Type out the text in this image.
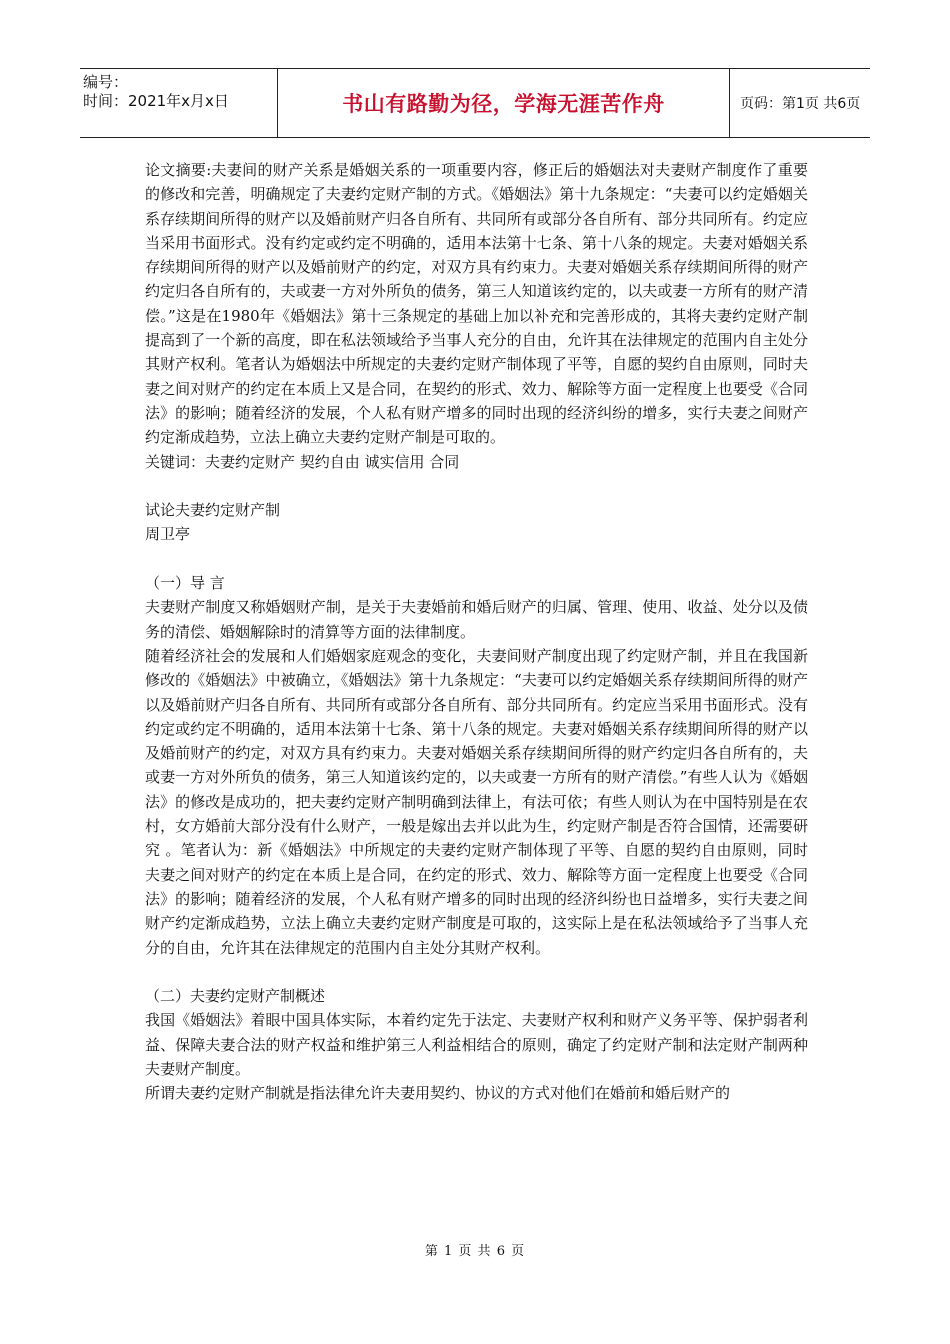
编号：
时间：2021年x月x日	书山有路勤为径，学海无涯苦作舟	页码：第1页 共6页

论文摘要:夫妻间的财产关系是婚姻关系的一项重要内容，修正后的婚姻法对夫妻财产制度作了重要的修改和完善，明确规定了夫妻约定财产制的方式。《婚姻法》第十九条规定：“夫妻可以约定婚姻关系存续期间所得的财产以及婚前财产归各自所有、共同所有或部分各自所有、部分共同所有。约定应当采用书面形式。没有约定或约定不明确的，适用本法第十七条、第十八条的规定。夫妻对婚姻关系存续期间所得的财产以及婚前财产的约定，对双方具有约束力。夫妻对婚姻关系存续期间所得的财产约定归各自所有的，夫或妻一方对外所负的债务，第三人知道该约定的，以夫或妻一方所有的财产清偿。”这是在1980年《婚姻法》第十三条规定的基础上加以补充和完善形成的，其将夫妻约定财产制提高到了一个新的高度，即在私法领域给予当事人充分的自由，允许其在法律规定的范围内自主处分其财产权利。笔者认为婚姻法中所规定的夫妻约定财产制体现了平等，自愿的契约自由原则，同时夫妻之间对财产的约定在本质上又是合同，在契约的形式、效力、解除等方面一定程度上也要受《合同法》的影响；随着经济的发展，个人私有财产增多的同时出现的经济纠纷的增多，实行夫妻之间财产约定渐成趋势，立法上确立夫妻约定财产制是可取的。

关键词：夫妻约定财产 契约自由 诚实信用 合同

试论夫妻约定财产制

周卫亭

（一）导 言

夫妻财产制度又称婚姻财产制，是关于夫妻婚前和婚后财产的归属、管理、使用、收益、处分以及债务的清偿、婚姻解除时的清算等方面的法律制度。

随着经济社会的发展和人们婚姻家庭观念的变化，夫妻间财产制度出现了约定财产制，并且在我国新修改的《婚姻法》中被确立，《婚姻法》第十九条规定：“夫妻可以约定婚姻关系存续期间所得的财产以及婚前财产归各自所有、共同所有或部分各自所有、部分共同所有。约定应当采用书面形式。没有约定或约定不明确的，适用本法第十七条、第十八条的规定。夫妻对婚姻关系存续期间所得的财产以及婚前财产的约定，对双方具有约束力。夫妻对婚姻关系存续期间所得的财产约定归各自所有的，夫或妻一方对外所负的债务，第三人知道该约定的，以夫或妻一方所有的财产清偿。”有些人认为《婚姻法》的修改是成功的，把夫妻约定财产制明确到法律上，有法可依；有些人则认为在中国特别是在农村，女方婚前大部分没有什么财产，一般是嫁出去并以此为生，约定财产制是否符合国情，还需要研究 。笔者认为：新《婚姻法》中所规定的夫妻约定财产制体现了平等、自愿的契约自由原则，同时夫妻之间对财产的约定在本质上是合同，在约定的形式、效力、解除等方面一定程度上也要受《合同法》的影响；随着经济的发展，个人私有财产增多的同时出现的经济纠纷也日益增多，实行夫妻之间财产约定渐成趋势，立法上确立夫妻约定财产制度是可取的，这实际上是在私法领域给予了当事人充分的自由，允许其在法律规定的范围内自主处分其财产权利。

（二）夫妻约定财产制概述

我国《婚姻法》着眼中国具体实际，本着约定先于法定、夫妻财产权利和财产义务平等、保护弱者利益、保障夫妻合法的财产权益和维护第三人利益相结合的原则，确定了约定财产制和法定财产制两种夫妻财产制度。

所谓夫妻约定财产制就是指法律允许夫妻用契约、协议的方式对他们在婚前和婚后财产的

第 1 页 共 6 页
